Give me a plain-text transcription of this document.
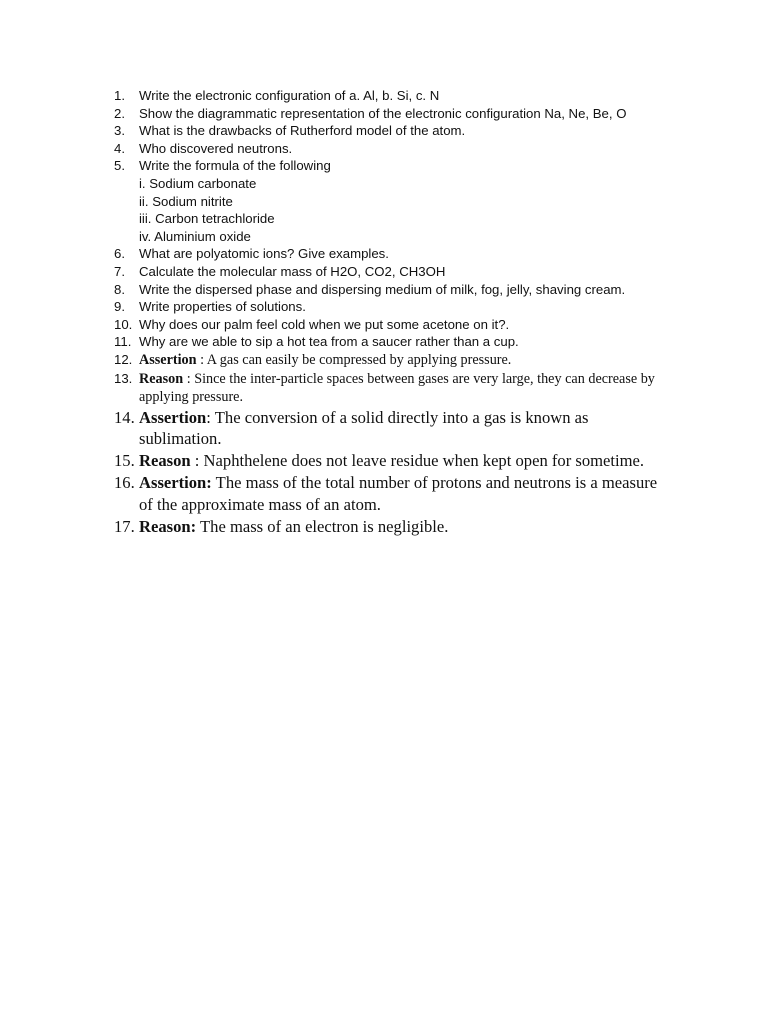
1. Write the electronic configuration of a. Al, b. Si, c. N
2. Show the diagrammatic representation of the electronic configuration Na, Ne, Be, O
3. What is the drawbacks of Rutherford model of the atom.
4. Who discovered neutrons.
5. Write the formula of the following
i. Sodium carbonate
ii. Sodium nitrite
iii. Carbon tetrachloride
iv. Aluminium oxide
6. What are polyatomic ions? Give examples.
7. Calculate the molecular mass of H2O, CO2, CH3OH
8. Write the dispersed phase and dispersing medium of milk, fog, jelly, shaving cream.
9. Write properties of solutions.
10. Why does our palm feel cold when we put some acetone on it?.
11. Why are we able to sip a hot tea from a saucer rather than a cup.
12. Assertion : A gas can easily be compressed by applying pressure.
13. Reason : Since the inter-particle spaces between gases are very large, they can decrease by applying pressure.
14. Assertion: The conversion of a solid directly into a gas is known as sublimation.
15. Reason : Naphthelene does not leave residue when kept open for sometime.
16. Assertion: The mass of the total number of protons and neutrons is a measure of the approximate mass of an atom.
17. Reason: The mass of an electron is negligible.
